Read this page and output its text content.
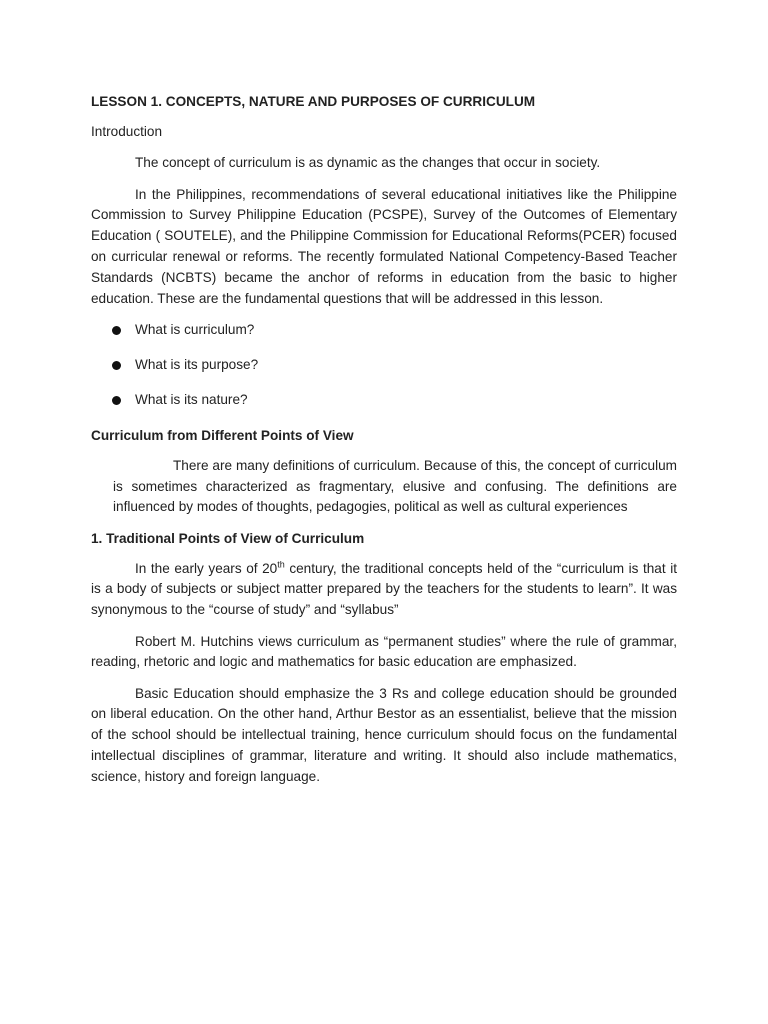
LESSON 1. CONCEPTS, NATURE AND PURPOSES OF CURRICULUM
Introduction
The concept of curriculum is as dynamic as the changes that occur in society.
In the Philippines, recommendations of several educational initiatives like the Philippine Commission to Survey Philippine Education (PCSPE), Survey of the Outcomes of Elementary Education ( SOUTELE), and the Philippine Commission for Educational Reforms(PCER) focused on curricular renewal or reforms. The recently formulated National Competency-Based Teacher Standards (NCBTS) became the anchor of reforms in education from the basic to higher education. These are the fundamental questions that will be addressed in this lesson.
What is curriculum?
What is its purpose?
What is its nature?
Curriculum from Different Points of View
There are many definitions of curriculum. Because of this, the concept of curriculum is sometimes characterized as fragmentary, elusive and confusing. The definitions are influenced by modes of thoughts, pedagogies, political as well as cultural experiences
1. Traditional Points of View of Curriculum
In the early years of 20th century, the traditional concepts held of the “curriculum is that it is a body of subjects or subject matter prepared by the teachers for the students to learn”. It was synonymous to the “course of study” and “syllabus”
Robert M. Hutchins views curriculum as “permanent studies” where the rule of grammar, reading, rhetoric and logic and mathematics for basic education are emphasized.
Basic Education should emphasize the 3 Rs and college education should be grounded on liberal education. On the other hand, Arthur Bestor as an essentialist, believe that the mission of the school should be intellectual training, hence curriculum should focus on the fundamental intellectual disciplines of grammar, literature and writing. It should also include mathematics, science, history and foreign language.
